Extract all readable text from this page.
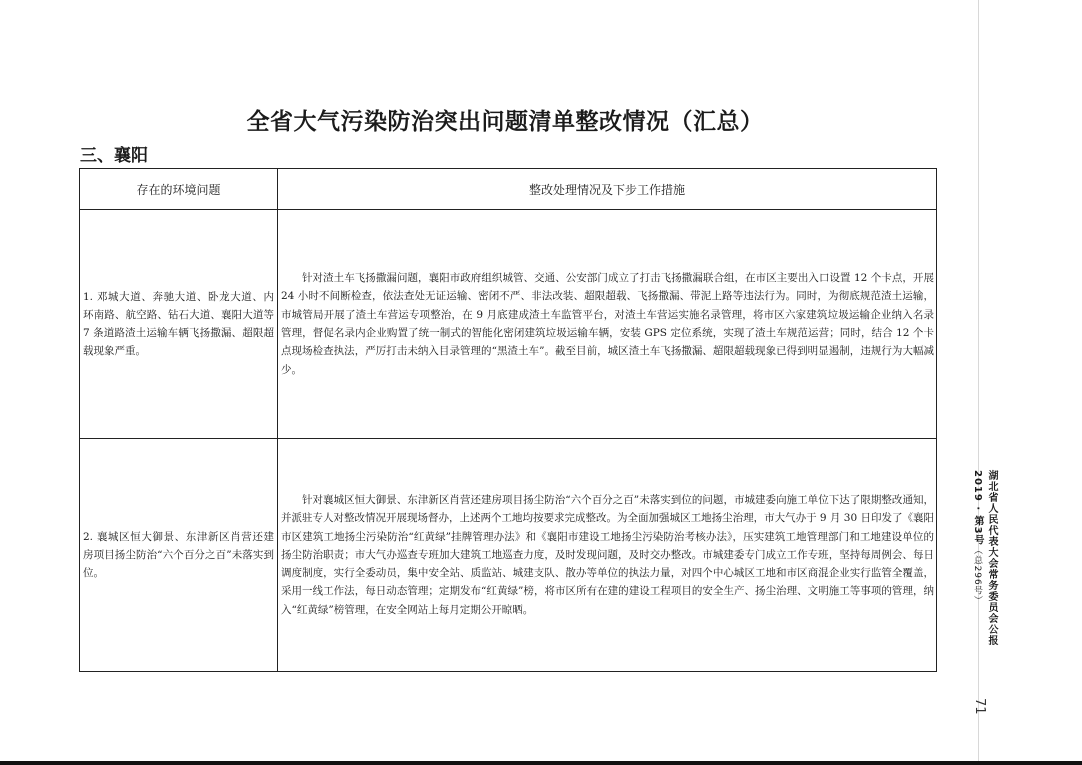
全省大气污染防治突出问题清单整改情况（汇总）
三、襄阳
存在的环境问题	整改处理情况及下步工作措施

1. 邓城大道、奔驰大道、卧龙大道、内环南路、航空路、钻石大道、襄阳大道等 7 条道路渣土运输车辆飞扬撒漏、超限超载现象严重。	针对渣土车飞扬撒漏问题，襄阳市政府组织城管、交通、公安部门成立了打击飞扬撒漏联合组，在市区主要出入口设置 12 个卡点，开展 24 小时不间断检查，依法查处无证运输、密闭不严、非法改装、超限超载、飞扬撒漏、带泥上路等违法行为。同时，为彻底规范渣土运输，市城管局开展了渣土车营运专项整治，在 9 月底建成渣土车监管平台，对渣土车营运实施名录管理，将市区六家建筑垃圾运输企业纳入名录管理，督促名录内企业购置了统一制式的智能化密闭建筑垃圾运输车辆，安装 GPS 定位系统，实现了渣土车规范运营；同时，结合 12 个卡点现场检查执法，严厉打击未纳入目录管理的“黑渣土车”。截至目前，城区渣土车飞扬撒漏、超限超载现象已得到明显遏制，违规行为大幅减少。

2. 襄城区恒大御景、东津新区肖营还建房项目扬尘防治“六个百分之百”未落实到位。	针对襄城区恒大御景、东津新区肖营还建房项目扬尘防治“六个百分之百”未落实到位的问题，市城建委向施工单位下达了限期整改通知，并派驻专人对整改情况开展现场督办，上述两个工地均按要求完成整改。为全面加强城区工地扬尘治理，市大气办于 9 月 30 日印发了《襄阳市区建筑工地扬尘污染防治“红黄绿”挂牌管理办法》和《襄阳市建设工地扬尘污染防治考核办法》，压实建筑工地管理部门和工地建设单位的扬尘防治职责；市大气办巡查专班加大建筑工地巡查力度，及时发现问题，及时交办整改。市城建委专门成立工作专班，坚持每周例会、每日调度制度，实行全委动员，集中安全站、质监站、城建支队、散办等单位的执法力量，对四个中心城区工地和市区商混企业实行监管全覆盖，采用一线工作法，每日动态管理；定期发布“红黄绿”榜，将市区所有在建的建设工程项目的安全生产、扬尘治理、文明施工等事项的管理，纳入“红黄绿”榜管理，在安全网站上每月定期公开晾晒。	湖北省人民代表大会常务委员会公报
2019 · 第3号（总296号）
71
